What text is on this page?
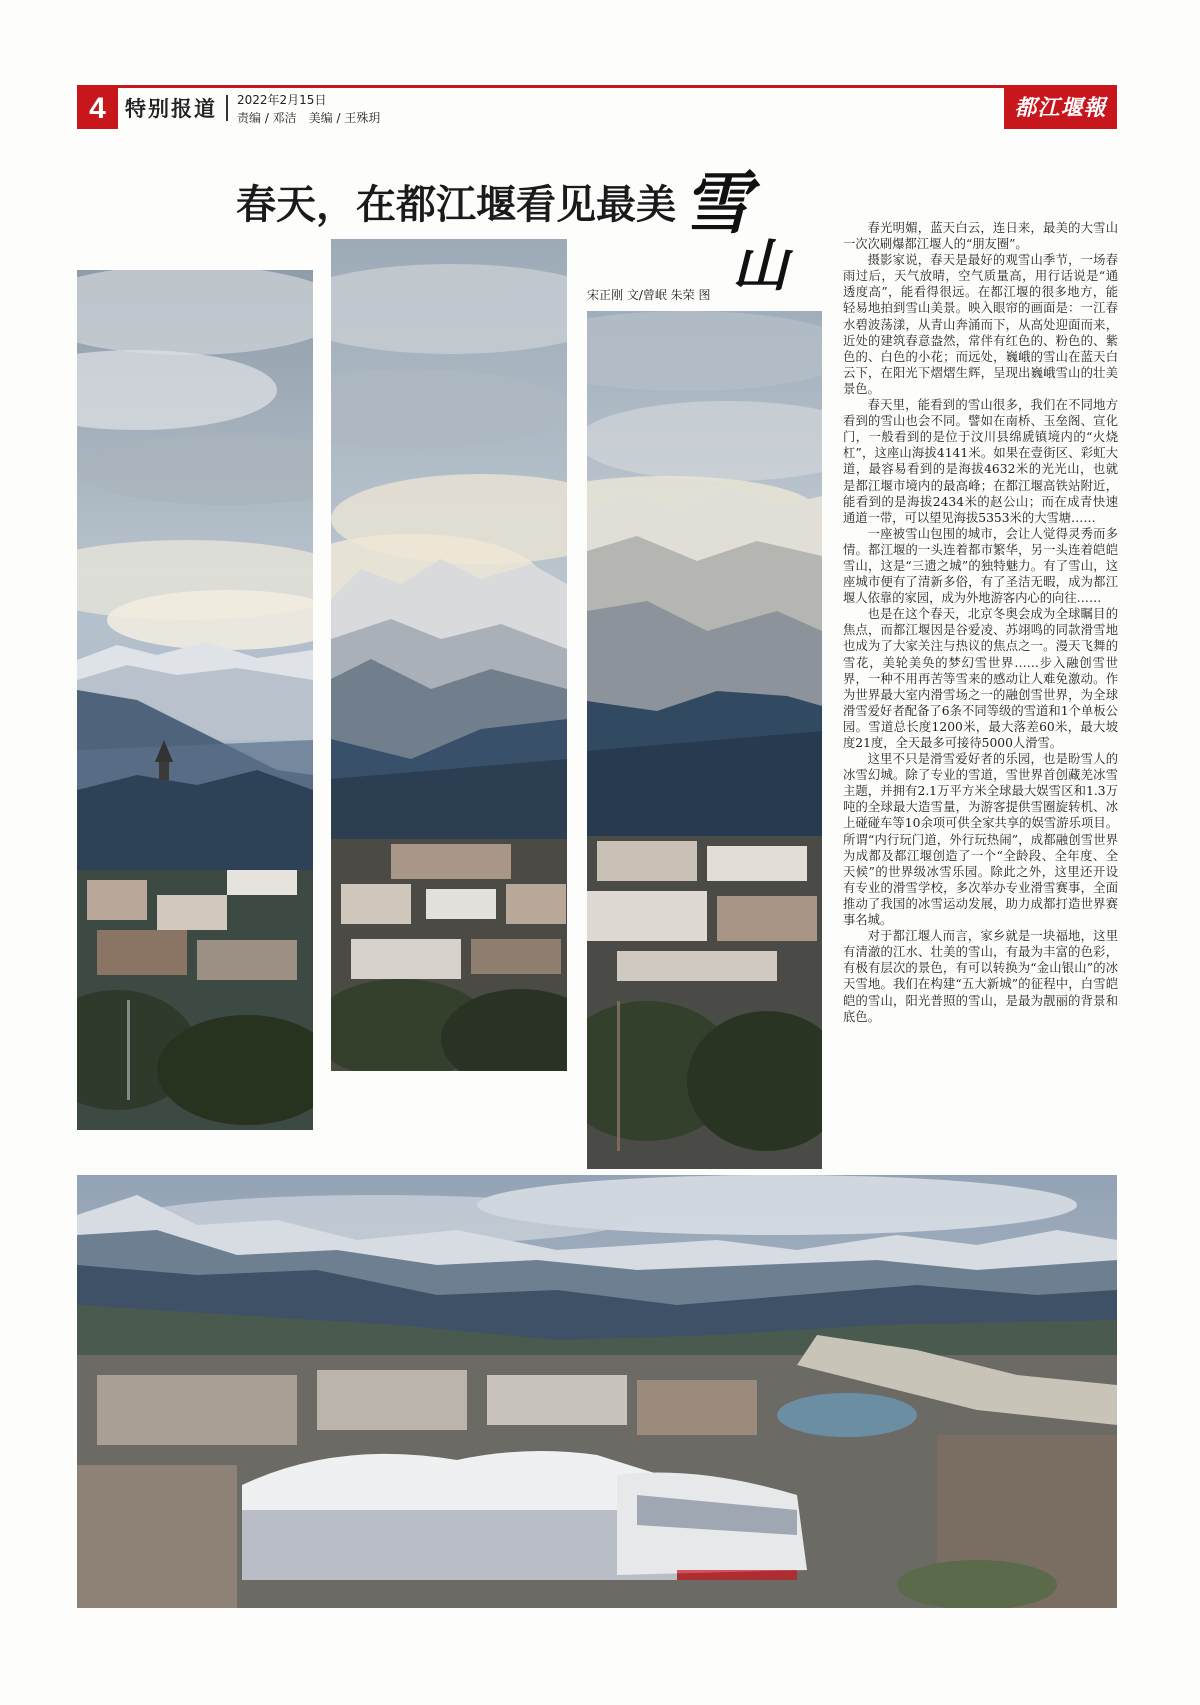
4 特别报道 2022年2月15日
责编 / 邓洁　美编 / 王殊玥	都江堰報
春天，在都江堰看见最美 雪
山
宋正刚 文/曾岷 朱荣 图

春光明媚，蓝天白云，连日来，最美的大雪山一次次刷爆都江堰人的“朋友圈”。

摄影家说，春天是最好的观雪山季节，一场春雨过后，天气放晴，空气质量高，用行话说是“通透度高”，能看得很远。在都江堰的很多地方，能轻易地拍到雪山美景。映入眼帘的画面是：一江春水碧波荡漾，从青山奔涌而下，从高处迎面而来，近处的建筑春意盎然，常伴有红色的、粉色的、紫色的、白色的小花；而远处，巍峨的雪山在蓝天白云下，在阳光下熠熠生辉，呈现出巍峨雪山的壮美景色。

春天里，能看到的雪山很多，我们在不同地方看到的雪山也会不同。譬如在南桥、玉垒阁、宣化门，一般看到的是位于汶川县绵虒镇境内的“火烧杠”，这座山海拔4141米。如果在壹街区、彩虹大道，最容易看到的是海拔4632米的光光山，也就是都江堰市境内的最高峰；在都江堰高铁站附近，能看到的是海拔2434米的赵公山；而在成青快速通道一带，可以望见海拔5353米的大雪塘……

一座被雪山包围的城市，会让人觉得灵秀而多情。都江堰的一头连着都市繁华，另一头连着皑皑雪山，这是“三遗之城”的独特魅力。有了雪山，这座城市便有了清新多俗，有了圣洁无暇，成为都江堰人依靠的家园，成为外地游客内心的向往……

也是在这个春天，北京冬奥会成为全球瞩目的焦点，而都江堰因是谷爱凌、苏翊鸣的同款滑雪地也成为了大家关注与热议的焦点之一。漫天飞舞的雪花，美轮美奂的梦幻雪世界……步入融创雪世界，一种不用再苦等雪来的感动让人难免激动。作为世界最大室内滑雪场之一的融创雪世界，为全球滑雪爱好者配备了6条不同等级的雪道和1个单板公园。雪道总长度1200米，最大落差60米，最大坡度21度，全天最多可接待5000人滑雪。

这里不只是滑雪爱好者的乐园，也是盼雪人的冰雪幻城。除了专业的雪道，雪世界首创藏羌冰雪主题，并拥有2.1万平方米全球最大娱雪区和1.3万吨的全球最大造雪量，为游客提供雪圈旋转机、冰上碰碰车等10余项可供全家共享的娱雪游乐项目。所谓“内行玩门道，外行玩热闹”，成都融创雪世界为成都及都江堰创造了一个“全龄段、全年度、全天候”的世界级冰雪乐园。除此之外，这里还开设有专业的滑雪学校，多次举办专业滑雪赛事，全面推动了我国的冰雪运动发展，助力成都打造世界赛事名城。

对于都江堰人而言，家乡就是一块福地，这里有清澈的江水、壮美的雪山，有最为丰富的色彩，有极有层次的景色，有可以转换为“金山银山”的冰天雪地。我们在构建“五大新城”的征程中，白雪皑皑的雪山，阳光普照的雪山，是最为靓丽的背景和底色。
